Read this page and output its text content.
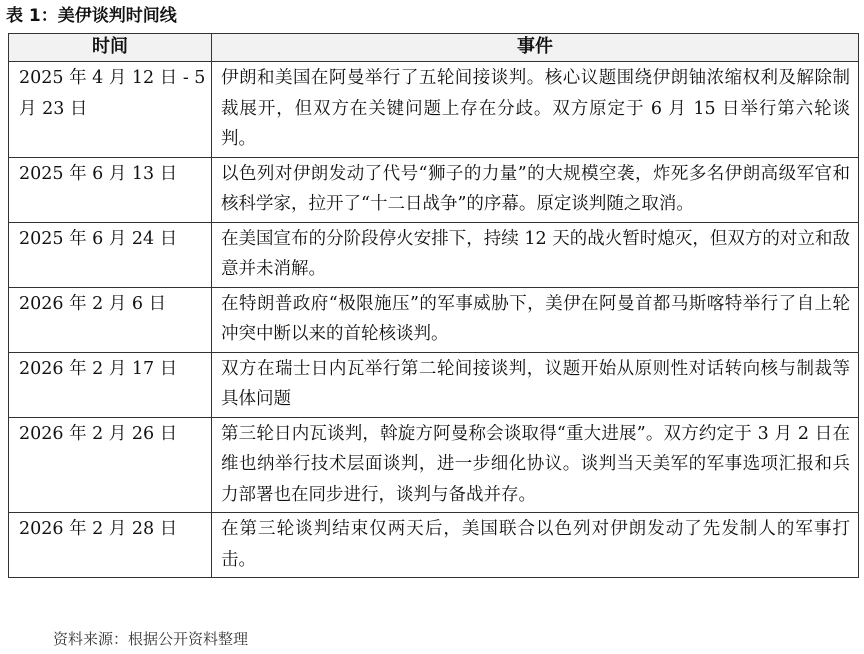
表 1：美伊谈判时间线
时间	事件
2025 年 4 月 12 日 - 5 月 23 日	伊朗和美国在阿曼举行了五轮间接谈判。核心议题围绕伊朗铀浓缩权利及解除制裁展开，但双方在关键问题上存在分歧。双方原定于 6 月 15 日举行第六轮谈判。
2025 年 6 月 13 日	以色列对伊朗发动了代号“狮子的力量”的大规模空袭，炸死多名伊朗高级军官和核科学家，拉开了“十二日战争”的序幕。原定谈判随之取消。
2025 年 6 月 24 日	在美国宣布的分阶段停火安排下，持续 12 天的战火暂时熄灭，但双方的对立和敌意并未消解。
2026 年 2 月 6 日	在特朗普政府“极限施压”的军事威胁下，美伊在阿曼首都马斯喀特举行了自上轮冲突中断以来的首轮核谈判。
2026 年 2 月 17 日	双方在瑞士日内瓦举行第二轮间接谈判，议题开始从原则性对话转向核与制裁等具体问题
2026 年 2 月 26 日	第三轮日内瓦谈判，斡旋方阿曼称会谈取得“重大进展”。双方约定于 3 月 2 日在维也纳举行技术层面谈判，进一步细化协议。谈判当天美军的军事选项汇报和兵力部署也在同步进行，谈判与备战并存。
2026 年 2 月 28 日	在第三轮谈判结束仅两天后，美国联合以色列对伊朗发动了先发制人的军事打击。
资料来源：根据公开资料整理
